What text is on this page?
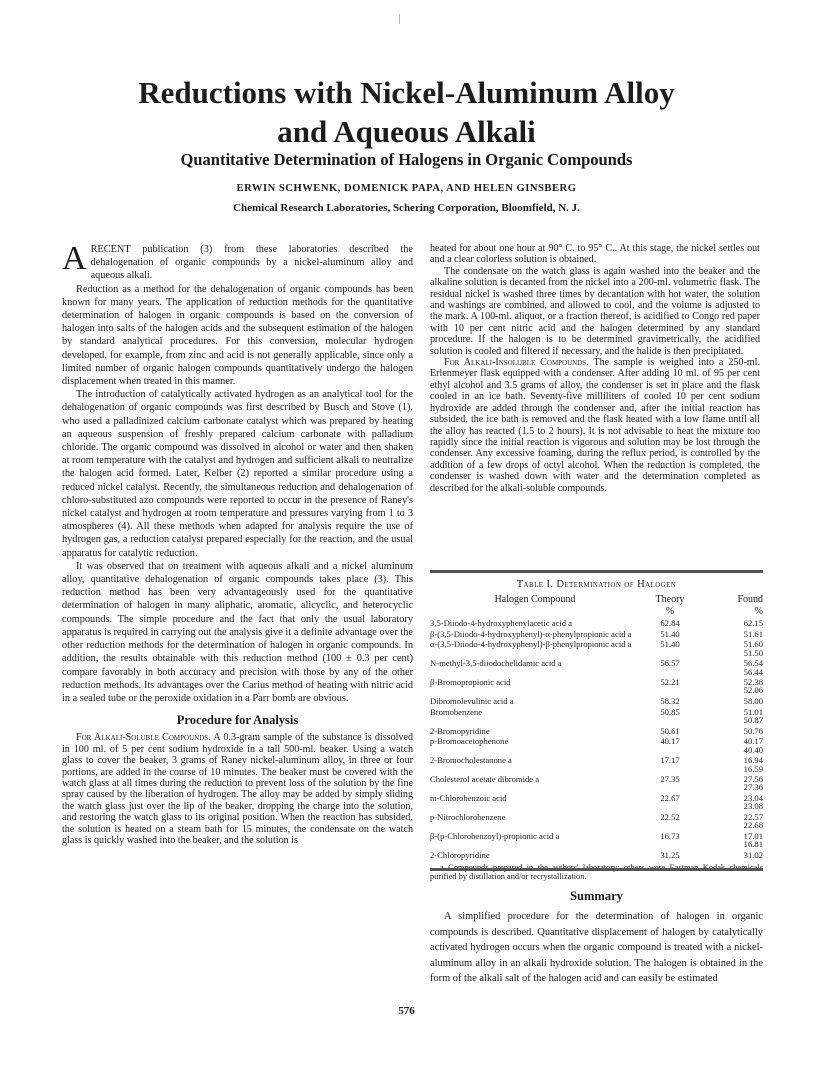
Reductions with Nickel-Aluminum Alloy
and Aqueous Alkali
Quantitative Determination of Halogens in Organic Compounds
ERWIN SCHWENK, DOMENICK PAPA, AND HELEN GINSBERG
Chemical Research Laboratories, Schering Corporation, Bloomfield, N. J.

ARECENT publication (3) from these laboratories described the dehalogenation of organic compounds by a nickel-aluminum alloy and aqueous alkali.

Reduction as a method for the dehalogenation of organic compounds has been known for many years. The application of reduction methods for the quantitative determination of halogen in organic compounds is based on the conversion of halogen into salts of the halogen acids and the subsequent estimation of the halogen by standard analytical procedures. For this conversion, molecular hydrogen developed, for example, from zinc and acid is not generally applicable, since only a limited number of organic halogen compounds quantitatively undergo the halogen displacement when treated in this manner.

The introduction of catalytically activated hydrogen as an analytical tool for the dehalogenation of organic compounds was first described by Busch and Stove (1), who used a palladinized calcium carbonate catalyst which was prepared by heating an aqueous suspension of freshly prepared calcium carbonate with palladium chloride. The organic compound was dissolved in alcohol or water and then shaken at room temperature with the catalyst and hydrogen and sufficient alkali to neutralize the halogen acid formed. Later, Kelber (2) reported a similar procedure using a reduced nickel catalyst. Recently, the simultaneous reduction and dehalogenation of chloro-substituted azo compounds were reported to occur in the presence of Raney's nickel catalyst and hydrogen at room temperature and pressures varying from 1 to 3 atmospheres (4). All these methods when adapted for analysis require the use of hydrogen gas, a reduction catalyst prepared especially for the reaction, and the usual apparatus for catalytic reduction.

It was observed that on treatment with aqueous alkali and a nickel aluminum alloy, quantitative dehalogenation of organic compounds takes place (3). This reduction method has been very advantageously used for the quantitative determination of halogen in many aliphatic, aromatic, alicyclic, and heterocyclic compounds. The simple procedure and the fact that only the usual laboratory apparatus is required in carrying out the analysis give it a definite advantage over the other reduction methods for the determination of halogen in organic compounds. In addition, the results obtainable with this reduction method (100 ± 0.3 per cent) compare favorably in both accuracy and precision with those by any of the other reduction methods. Its advantages over the Carius method of heating with nitric acid in a sealed tube or the peroxide oxidation in a Parr bomb are obvious.

Procedure for Analysis

For Alkali-Soluble Compounds. A 0.3-gram sample of the substance is dissolved in 100 ml. of 5 per cent sodium hydroxide in a tall 500-ml. beaker. Using a watch glass to cover the beaker, 3 grams of Raney nickel-aluminum alloy, in three or four portions, are added in the course of 10 minutes. The beaker must be covered with the watch glass at all times during the reduction to prevent loss of the solution by the fine spray caused by the liberation of hydrogen. The alloy may be added by simply sliding the watch glass just over the lip of the beaker, dropping the charge into the solution, and restoring the watch glass to its original position. When the reaction has subsided, the solution is heated on a steam bath for 15 minutes, the condensate on the watch glass is quickly washed into the beaker, and the solution is

heated for about one hour at 90° C. to 95° C.. At this stage, the nickel settles out and a clear colorless solution is obtained.

The condensate on the watch glass is again washed into the beaker and the alkaline solution is decanted from the nickel into a 200-ml. volumetric flask. The residual nickel is washed three times by decantation with hot water, the solution and washings are combined, and allowed to cool, and the volume is adjusted to the mark. A 100-ml. aliquot, or a fraction thereof, is acidified to Congo red paper with 10 per cent nitric acid and the halogen determined by any standard procedure. If the halogen is to be determined gravimetrically, the acidified solution is cooled and filtered if necessary, and the halide is then precipitated.

For Alkali-Insoluble Compounds. The sample is weighed into a 250-ml. Erlenmeyer flask equipped with a condenser. After adding 10 ml. of 95 per cent ethyl alcohol and 3.5 grams of alloy, the condenser is set in place and the flask cooled in an ice bath. Seventy-five milliliters of cooled 10 per cent sodium hydroxide are added through the condenser and, after the initial reaction has subsided, the ice bath is removed and the flask heated with a low flame until all the alloy has reacted (1.5 to 2 hours). It is not advisable to heat the mixture too rapidly since the initial reaction is vigorous and solution may be lost through the condenser. Any excessive foaming, during the reflux period, is controlled by the addition of a few drops of octyl alcohol. When the reduction is completed, the condenser is washed down with water and the determination completed as described for the alkali-soluble compounds.

Table I. Determination of Halogen
Halogen Compound	Theory	Found
%	%
3,5-Diiodo-4-hydroxyphenylacetic acid a	62.84	62.15
β-(3,5-Diiodo-4-hydroxyphenyl)-α-phenylpropionic acid a	51.40	51.61
α-(3,5-Diiodo-4-hydroxyphenyl)-β-phenylpropionic acid a	51.40	51.60
51.50
N-methyl-3,5-diiodochelidamic acid a	56.57	56.54
56.44
β-Bromopropionic acid	52.21	52.38
52.06
Dibromolevulinic acid a	58.32	58.00
Bromobenzene	50.85	51.01
50.87
2-Bromopyridine	50.61	50.76
p-Bromoacetophenone	40.17	40.17
40.40
2-Bromocholestanone a	17.17	16.94
16.59
Cholesterol acetate dibromide a	27.35	27.56
27.36
m-Chlorobenzoic acid	22.67	23.04
23.08
p-Nitrochlorobenzene	22.52	22.57
22.68
β-(p-Chlorobenzoyl)-propionic acid a	16.73	17.01
16.81
2-Chloropyridine	31.25	31.02
purified by distillation and/or recrystallization.
Summary

A simplified procedure for the determination of halogen in organic compounds is described. Quantitative displacement of halogen by catalytically activated hydrogen occurs when the organic compound is treated with a nickel-aluminum alloy in an alkali hydroxide solution. The halogen is obtained in the form of the alkali salt of the halogen acid and can easily be estimated

576
